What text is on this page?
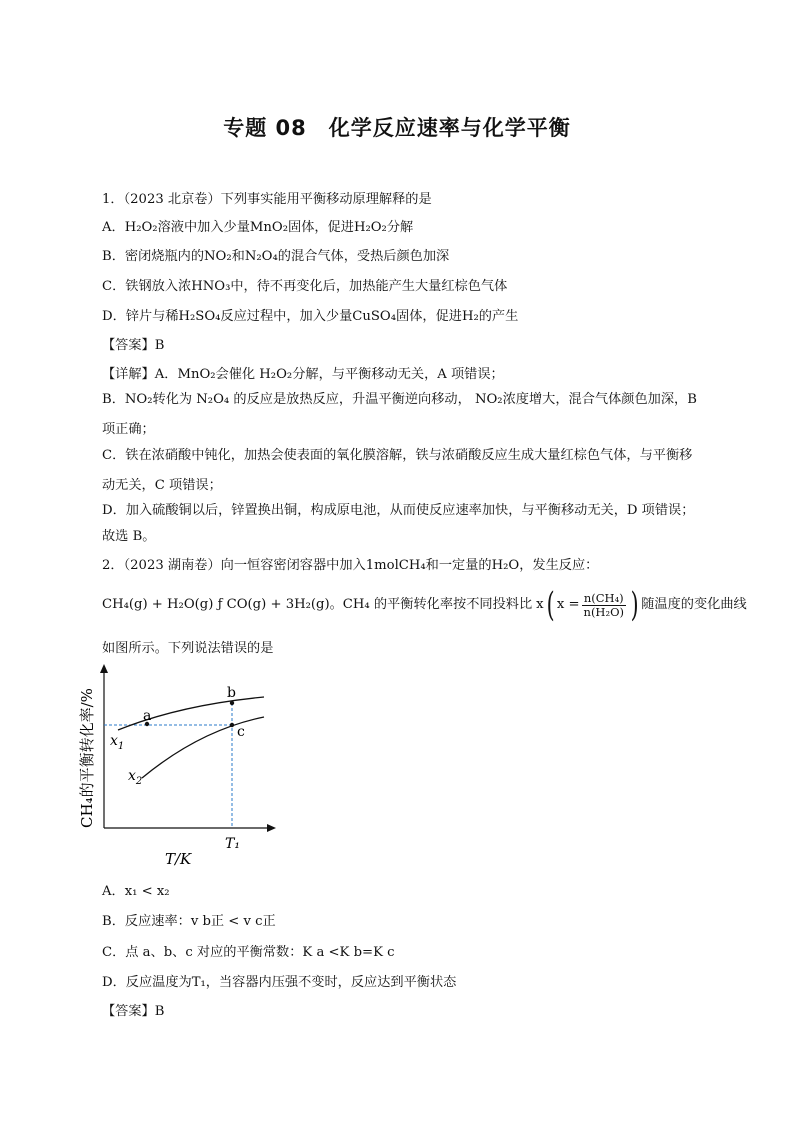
专题 08 化学反应速率与化学平衡
1．（2023 北京卷）下列事实能用平衡移动原理解释的是
A．H₂O₂溶液中加入少量MnO₂固体，促进H₂O₂分解
B．密闭烧瓶内的NO₂和N₂O₄的混合气体，受热后颜色加深
C．铁钢放入浓HNO₃中，待不再变化后，加热能产生大量红棕色气体
D．锌片与稀H₂SO₄反应过程中，加入少量CuSO₄固体，促进H₂的产生
【答案】B
【详解】A．MnO₂会催化 H₂O₂分解，与平衡移动无关，A 项错误；
B．NO₂转化为 N₂O₄ 的反应是放热反应，升温平衡逆向移动， NO₂浓度增大，混合气体颜色加深，B 项正确；
C．铁在浓硝酸中钝化，加热会使表面的氧化膜溶解，铁与浓硝酸反应生成大量红棕色气体，与平衡移动无关，C 项错误；
D．加入硫酸铜以后，锌置换出铜，构成原电池，从而使反应速率加快，与平衡移动无关，D 项错误；
故选 B。
2．（2023 湖南卷）向一恒容密闭容器中加入1molCH₄和一定量的H₂O，发生反应：
CH₄(g) + H₂O(g) ƒ CO(g) + 3H₂(g) 。CH₄ 的平衡转化率按不同投料比 x ( $x = \frac{\text{n(CH₄)}}{\text{n(H₂O)}}$ ) 随温度的变化曲线
如图所示。下列说法错误的是
a
b
c
$x_1$
$x_2$
CH₄的平衡转化率/%
T/K
T₁
A．x₁ < x₂
B．反应速率：v b正 < v c正
C．点 a、b、c 对应的平衡常数：K a <K b=K c
D．反应温度为T₁，当容器内压强不变时，反应达到平衡状态
【答案】B
